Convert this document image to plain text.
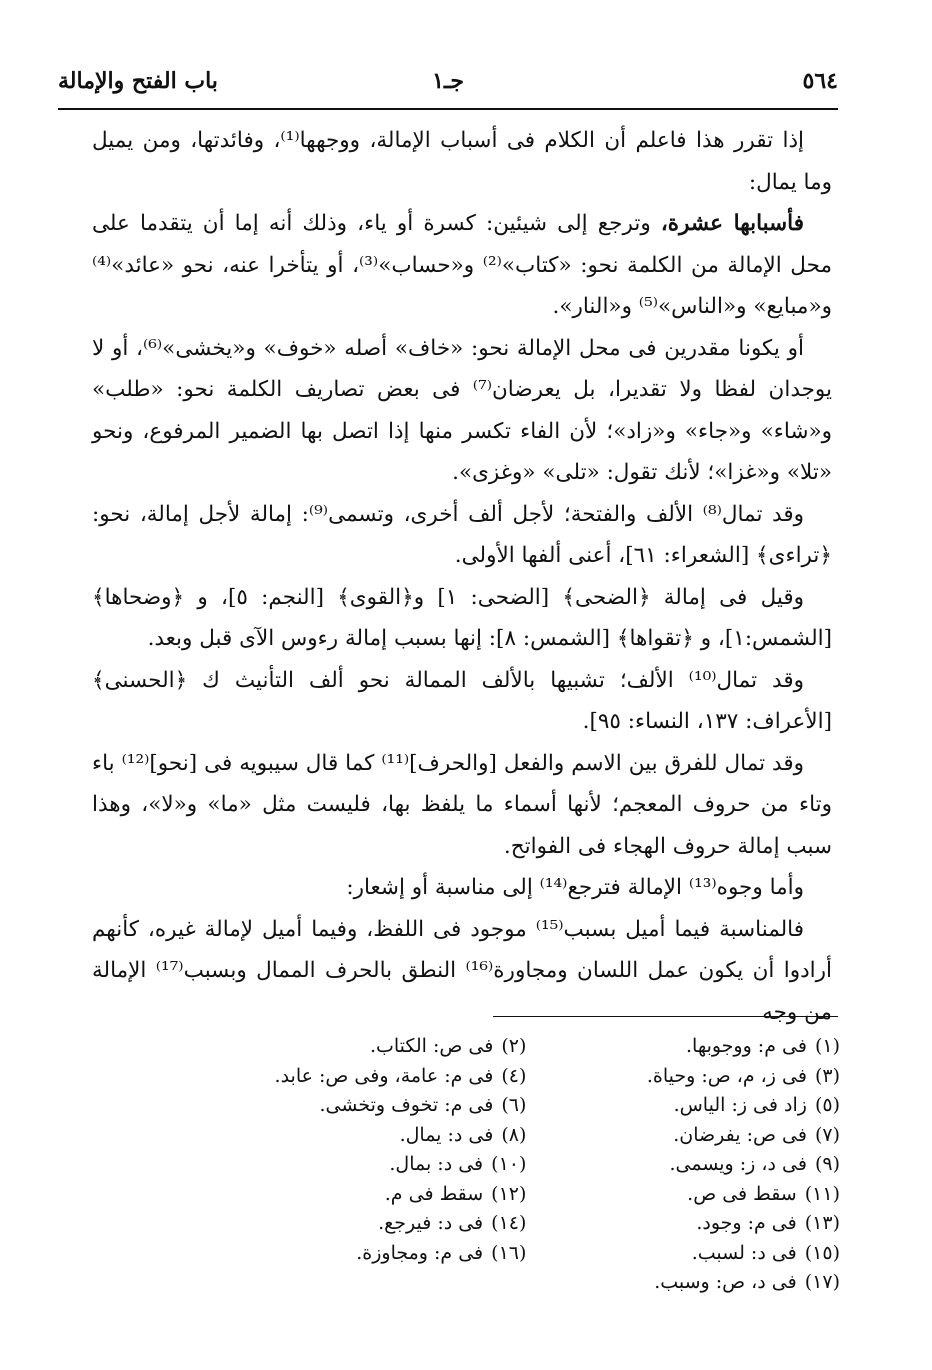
٥٦٤
جـ١
باب الفتح والإمالة

إذا تقرر هذا فاعلم أن الكلام فى أسباب الإمالة، ووجهها⁽¹⁾، وفائدتها، ومن يميل وما يمال:

فأسبابها عشرة، وترجع إلى شيئين: كسرة أو ياء، وذلك أنه إما أن يتقدما على محل الإمالة من الكلمة نحو: «كتاب»⁽²⁾ و«حساب»⁽³⁾، أو يتأخرا عنه، نحو «عائد»⁽⁴⁾ و«مبايع» و«الناس»⁽⁵⁾ و«النار».

أو يكونا مقدرين فى محل الإمالة نحو: «خاف» أصله «خوف» و«يخشى»⁽⁶⁾، أو لا يوجدان لفظا ولا تقديرا، بل يعرضان⁽⁷⁾ فى بعض تصاريف الكلمة نحو: «طلب» و«شاء» و«جاء» و«زاد»؛ لأن الفاء تكسر منها إذا اتصل بها الضمير المرفوع، ونحو «تلا» و«غزا»؛ لأنك تقول: «تلى» «وغزى».

وقد تمال⁽⁸⁾ الألف والفتحة؛ لأجل ألف أخرى، وتسمى⁽⁹⁾: إمالة لأجل إمالة، نحو: ﴿تراءى﴾ [الشعراء: ٦١]، أعنى ألفها الأولى.

وقيل فى إمالة ﴿الضحى﴾ [الضحى: ١] و﴿القوى﴾ [النجم: ٥]، و ﴿وضحاها﴾ [الشمس:١]، و ﴿تقواها﴾ [الشمس: ٨]: إنها بسبب إمالة رءوس الآى قبل وبعد.

وقد تمال⁽¹⁰⁾ الألف؛ تشبيها بالألف الممالة نحو ألف التأنيث ك ﴿الحسنى﴾ [الأعراف: ١٣٧، النساء: ٩٥].

وقد تمال للفرق بين الاسم والفعل [والحرف]⁽¹¹⁾ كما قال سيبويه فى [نحو]⁽¹²⁾ باء وتاء من حروف المعجم؛ لأنها أسماء ما يلفظ بها، فليست مثل «ما» و«لا»، وهذا سبب إمالة حروف الهجاء فى الفواتح.

وأما وجوه⁽¹³⁾ الإمالة فترجع⁽¹⁴⁾ إلى مناسبة أو إشعار:

فالمناسبة فيما أميل بسبب⁽¹⁵⁾ موجود فى اللفظ، وفيما أميل لإمالة غيره، كأنهم أرادوا أن يكون عمل اللسان ومجاورة⁽¹⁶⁾ النطق بالحرف الممال وبسبب⁽¹⁷⁾ الإمالة من وجه

(١)فى م: ووجوبها.(٢)فى ص: الكتاب.(٣)فى ز، م، ص: وحياة.(٤)فى م: عامة، وفى ص: عابد.(٥)زاد فى ز: الياس.(٦)فى م: تخوف وتخشى.(٧)فى ص: يفرضان.(٨)فى د: يمال.(٩)فى د، ز: ويسمى.(١٠)فى د: بمال.(١١)سقط فى ص.(١٢)سقط فى م.(١٣)فى م: وجود.(١٤)فى د: فيرجع.(١٥)فى د: لسبب.(١٦)فى م: ومجاوزة.(١٧)فى د، ص: وسبب.
